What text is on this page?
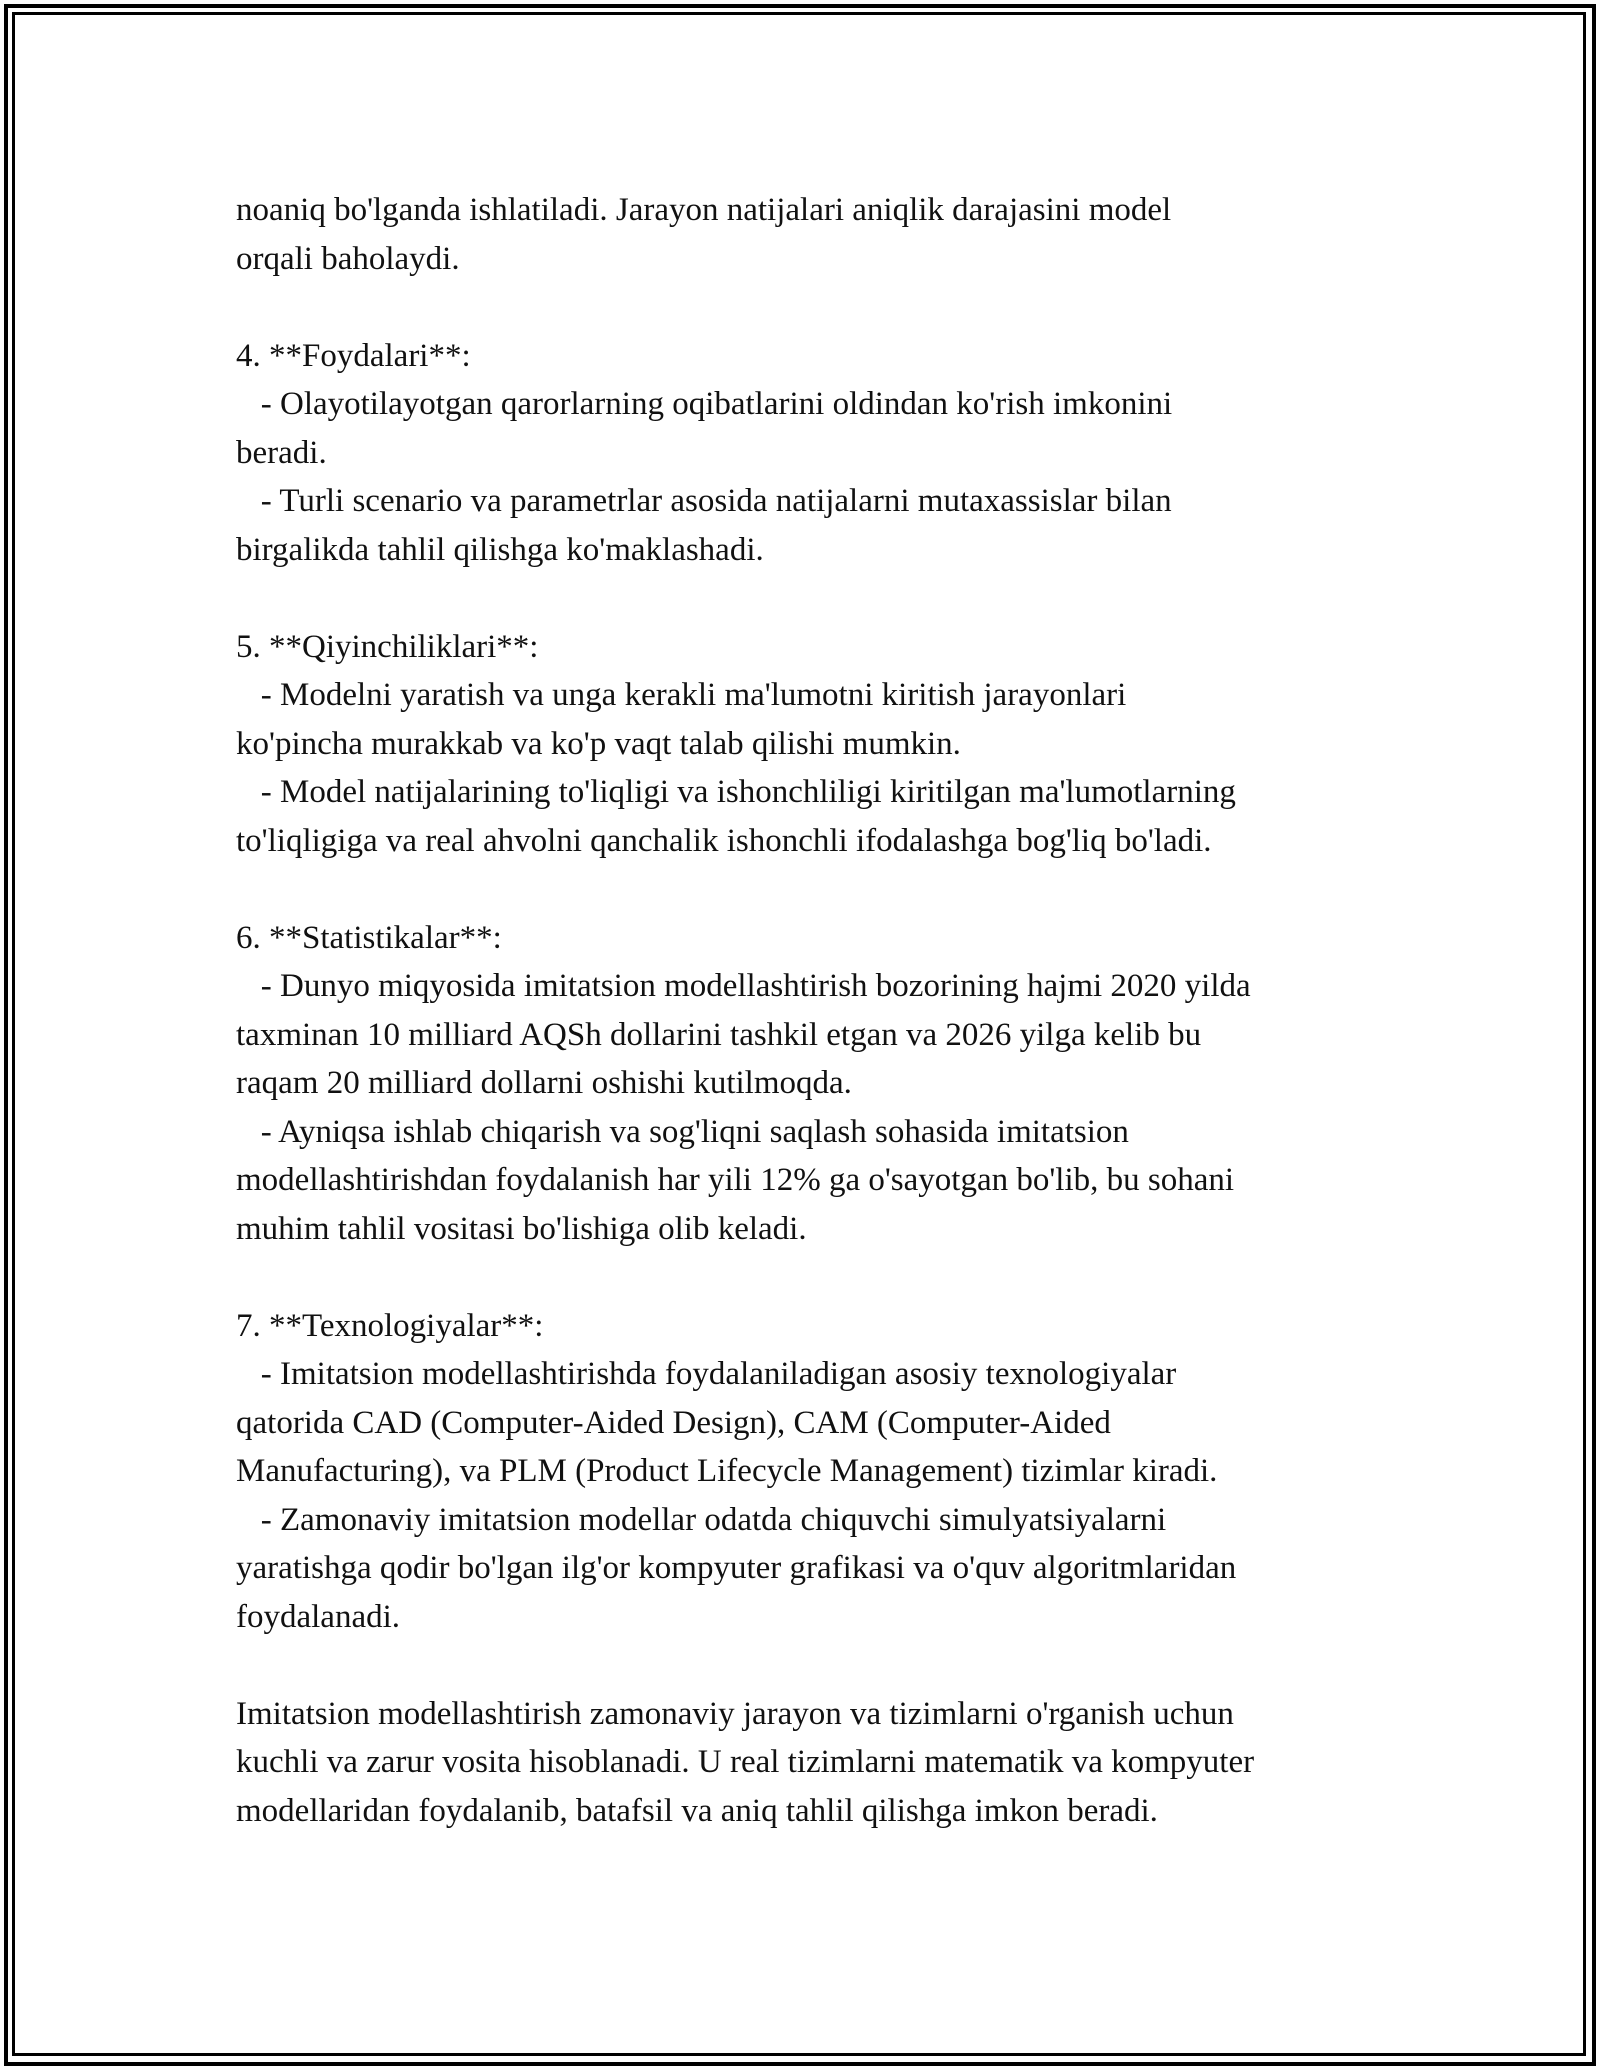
noaniq bo'lganda ishlatiladi. Jarayon natijalari aniqlik darajasini model
orqali baholaydi.
4. **Foydalari**:
- Olayotilayotgan qarorlarning oqibatlarini oldindan ko'rish imkonini
beradi.
- Turli scenario va parametrlar asosida natijalarni mutaxassislar bilan
birgalikda tahlil qilishga ko'maklashadi.
5. **Qiyinchiliklari**:
- Modelni yaratish va unga kerakli ma'lumotni kiritish jarayonlari
ko'pincha murakkab va ko'p vaqt talab qilishi mumkin.
- Model natijalarining to'liqligi va ishonchliligi kiritilgan ma'lumotlarning
to'liqligiga va real ahvolni qanchalik ishonchli ifodalashga bog'liq bo'ladi.
6. **Statistikalar**:
- Dunyo miqyosida imitatsion modellashtirish bozorining hajmi 2020 yilda
taxminan 10 milliard AQSh dollarini tashkil etgan va 2026 yilga kelib bu
raqam 20 milliard dollarni oshishi kutilmoqda.
- Ayniqsa ishlab chiqarish va sog'liqni saqlash sohasida imitatsion
modellashtirishdan foydalanish har yili 12% ga o'sayotgan bo'lib, bu sohani
muhim tahlil vositasi bo'lishiga olib keladi.
7. **Texnologiyalar**:
- Imitatsion modellashtirishda foydalaniladigan asosiy texnologiyalar
qatorida CAD (Computer-Aided Design), CAM (Computer-Aided
Manufacturing), va PLM (Product Lifecycle Management) tizimlar kiradi.
- Zamonaviy imitatsion modellar odatda chiquvchi simulyatsiyalarni
yaratishga qodir bo'lgan ilg'or kompyuter grafikasi va o'quv algoritmlaridan
foydalanadi.
Imitatsion modellashtirish zamonaviy jarayon va tizimlarni o'rganish uchun
kuchli va zarur vosita hisoblanadi. U real tizimlarni matematik va kompyuter
modellaridan foydalanib, batafsil va aniq tahlil qilishga imkon beradi.
